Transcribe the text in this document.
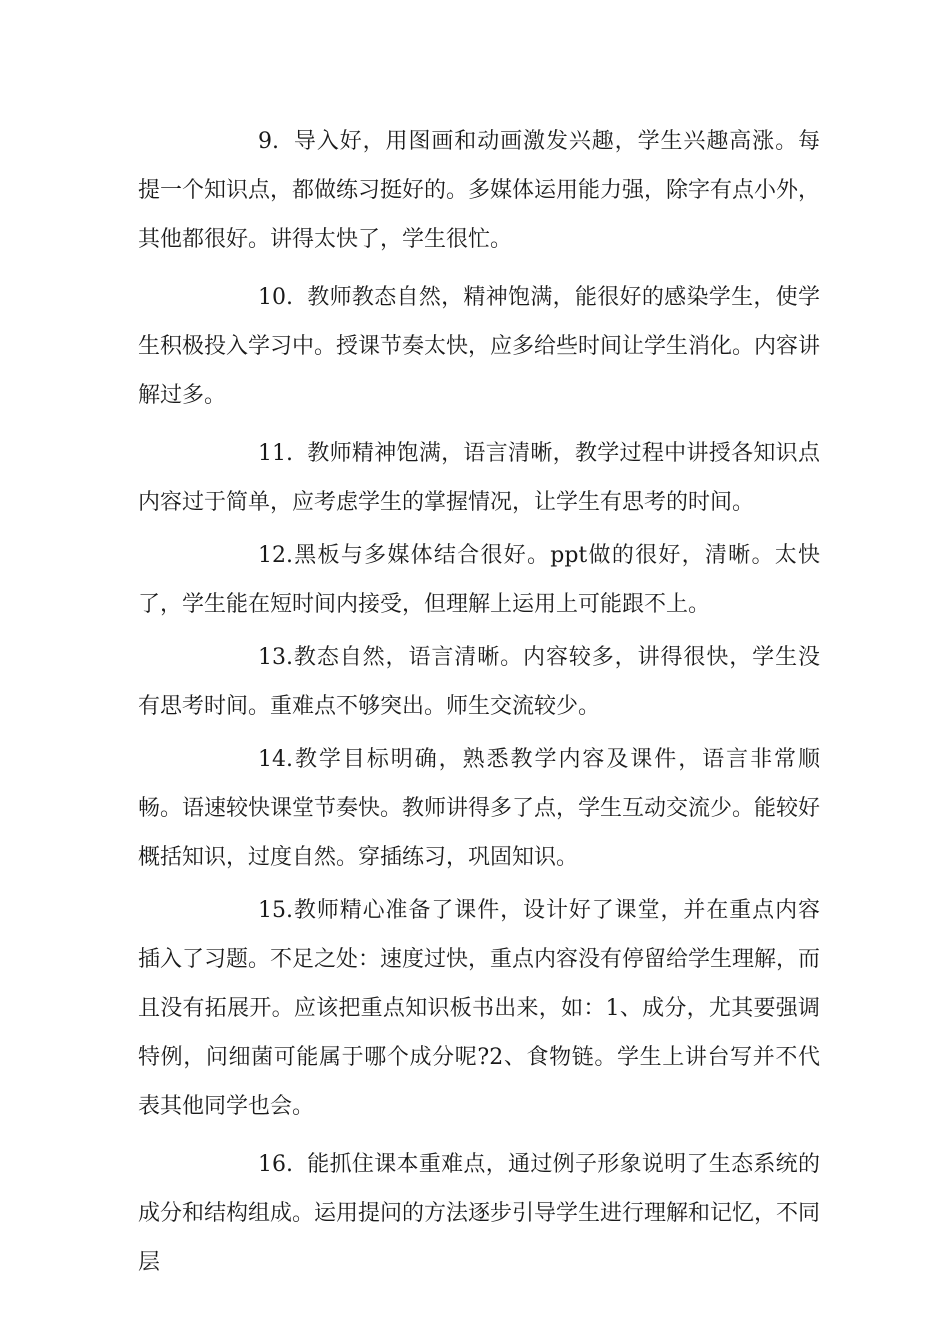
9. 导入好，用图画和动画激发兴趣，学生兴趣高涨。每提一个知识点，都做练习挺好的。多媒体运用能力强，除字有点小外，其他都很好。讲得太快了，学生很忙。

10. 教师教态自然，精神饱满，能很好的感染学生，使学生积极投入学习中。授课节奏太快，应多给些时间让学生消化。内容讲解过多。

11. 教师精神饱满，语言清晰，教学过程中讲授各知识点内容过于简单，应考虑学生的掌握情况，让学生有思考的时间。

12.黑板与多媒体结合很好。ppt做的很好，清晰。太快了，学生能在短时间内接受，但理解上运用上可能跟不上。

13.教态自然，语言清晰。内容较多，讲得很快，学生没有思考时间。重难点不够突出。师生交流较少。

14.教学目标明确，熟悉教学内容及课件，语言非常顺畅。语速较快课堂节奏快。教师讲得多了点，学生互动交流少。能较好概括知识，过度自然。穿插练习，巩固知识。

15.教师精心准备了课件，设计好了课堂，并在重点内容插入了习题。不足之处：速度过快，重点内容没有停留给学生理解，而且没有拓展开。应该把重点知识板书出来，如：1、成分，尤其要强调特例，问细菌可能属于哪个成分呢?2、食物链。学生上讲台写并不代表其他同学也会。

16. 能抓住课本重难点，通过例子形象说明了生态系统的成分和结构组成。运用提问的方法逐步引导学生进行理解和记忆，不同层
